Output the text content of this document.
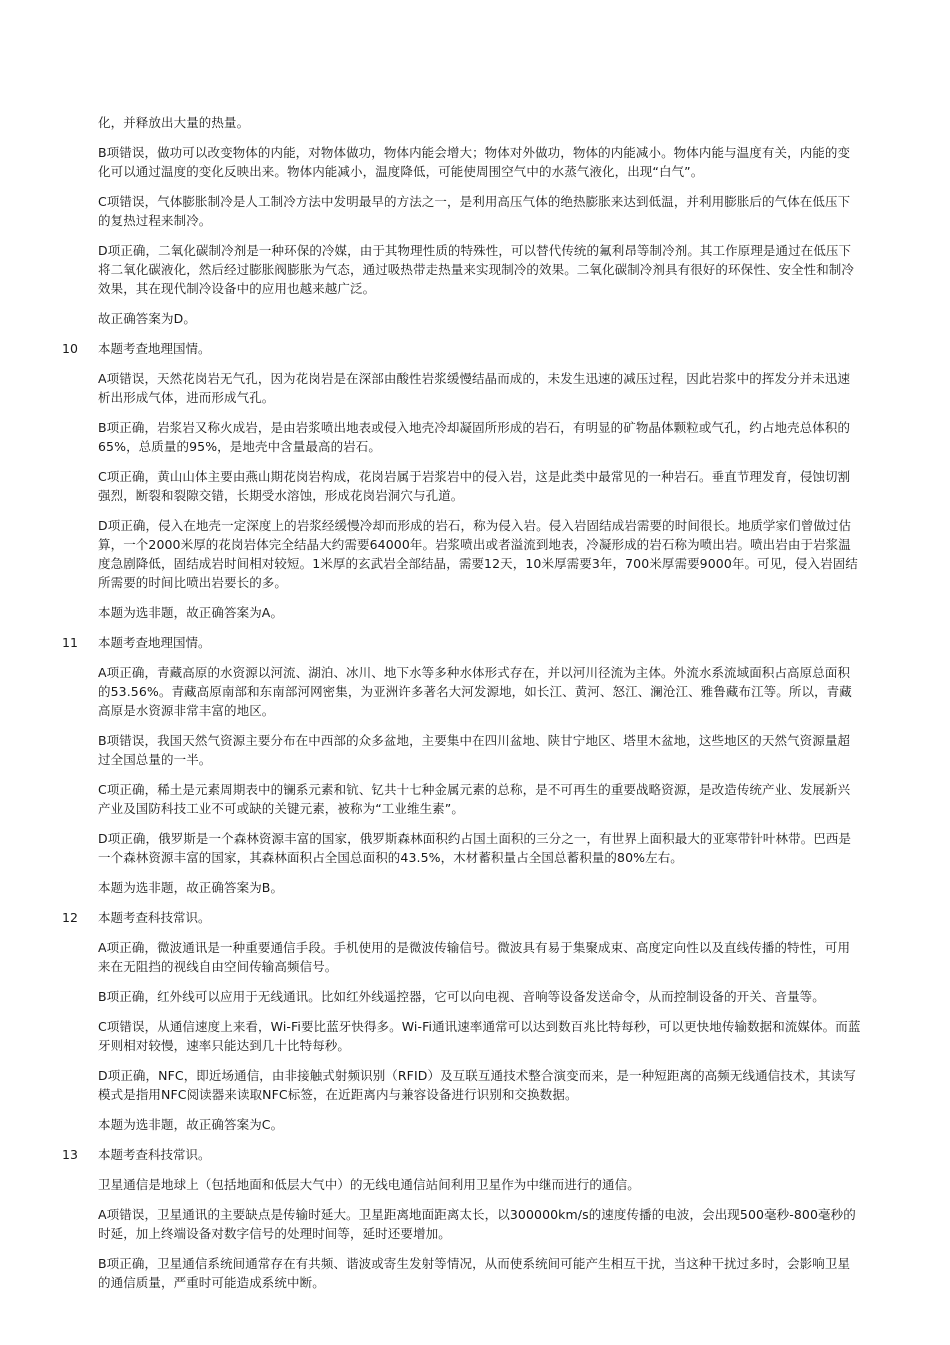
化，并释放出大量的热量。

B项错误，做功可以改变物体的内能，对物体做功，物体内能会增大；物体对外做功，物体的内能减小。物体内能与温度有关，内能的变化可以通过温度的变化反映出来。物体内能减小，温度降低，可能使周围空气中的水蒸气液化，出现“白气”。

C项错误，气体膨胀制冷是人工制冷方法中发明最早的方法之一，是利用高压气体的绝热膨胀来达到低温，并利用膨胀后的气体在低压下的复热过程来制冷。

D项正确，二氧化碳制冷剂是一种环保的冷媒，由于其物理性质的特殊性，可以替代传统的氟利昂等制冷剂。其工作原理是通过在低压下将二氧化碳液化，然后经过膨胀阀膨胀为气态，通过吸热带走热量来实现制冷的效果。二氧化碳制冷剂具有很好的环保性、安全性和制冷效果，其在现代制冷设备中的应用也越来越广泛。

故正确答案为D。

10	本题考查地理国情。

A项错误，天然花岗岩无气孔，因为花岗岩是在深部由酸性岩浆缓慢结晶而成的，未发生迅速的减压过程，因此岩浆中的挥发分并未迅速析出形成气体，进而形成气孔。

B项正确，岩浆岩又称火成岩，是由岩浆喷出地表或侵入地壳冷却凝固所形成的岩石，有明显的矿物晶体颗粒或气孔，约占地壳总体积的65%，总质量的95%，是地壳中含量最高的岩石。

C项正确，黄山山体主要由燕山期花岗岩构成，花岗岩属于岩浆岩中的侵入岩，这是此类中最常见的一种岩石。垂直节理发育，侵蚀切割强烈，断裂和裂隙交错，长期受水溶蚀，形成花岗岩洞穴与孔道。

D项正确，侵入在地壳一定深度上的岩浆经缓慢冷却而形成的岩石，称为侵入岩。侵入岩固结成岩需要的时间很长。地质学家们曾做过估算，一个2000米厚的花岗岩体完全结晶大约需要64000年。岩浆喷出或者溢流到地表，冷凝形成的岩石称为喷出岩。喷出岩由于岩浆温度急剧降低，固结成岩时间相对较短。1米厚的玄武岩全部结晶，需要12天，10米厚需要3年，700米厚需要9000年。可见，侵入岩固结所需要的时间比喷出岩要长的多。

本题为选非题，故正确答案为A。

11	本题考查地理国情。

A项正确，青藏高原的水资源以河流、湖泊、冰川、地下水等多种水体形式存在，并以河川径流为主体。外流水系流域面积占高原总面积的53.56%。青藏高原南部和东南部河网密集，为亚洲许多著名大河发源地，如长江、黄河、怒江、澜沧江、雅鲁藏布江等。所以，青藏高原是水资源非常丰富的地区。

B项错误，我国天然气资源主要分布在中西部的众多盆地，主要集中在四川盆地、陕甘宁地区、塔里木盆地，这些地区的天然气资源量超过全国总量的一半。

C项正确，稀土是元素周期表中的镧系元素和钪、钇共十七种金属元素的总称，是不可再生的重要战略资源，是改造传统产业、发展新兴产业及国防科技工业不可或缺的关键元素，被称为“工业维生素”。

D项正确，俄罗斯是一个森林资源丰富的国家，俄罗斯森林面积约占国土面积的三分之一，有世界上面积最大的亚寒带针叶林带。巴西是一个森林资源丰富的国家，其森林面积占全国总面积的43.5%，木材蓄积量占全国总蓄积量的80%左右。

本题为选非题，故正确答案为B。

12	本题考查科技常识。

A项正确，微波通讯是一种重要通信手段。手机使用的是微波传输信号。微波具有易于集聚成束、高度定向性以及直线传播的特性，可用来在无阻挡的视线自由空间传输高频信号。

B项正确，红外线可以应用于无线通讯。比如红外线遥控器，它可以向电视、音响等设备发送命令，从而控制设备的开关、音量等。

C项错误，从通信速度上来看，Wi-Fi要比蓝牙快得多。Wi-Fi通讯速率通常可以达到数百兆比特每秒，可以更快地传输数据和流媒体。而蓝牙则相对较慢，速率只能达到几十比特每秒。

D项正确，NFC，即近场通信，由非接触式射频识别（RFID）及互联互通技术整合演变而来，是一种短距离的高频无线通信技术，其读写模式是指用NFC阅读器来读取NFC标签，在近距离内与兼容设备进行识别和交换数据。

本题为选非题，故正确答案为C。

13	本题考查科技常识。

卫星通信是地球上（包括地面和低层大气中）的无线电通信站间利用卫星作为中继而进行的通信。

A项错误，卫星通讯的主要缺点是传输时延大。卫星距离地面距离太长，以300000km/s的速度传播的电波，会出现500毫秒-800毫秒的时延，加上终端设备对数字信号的处理时间等，延时还要增加。

B项正确，卫星通信系统间通常存在有共频、谐波或寄生发射等情况，从而使系统间可能产生相互干扰，当这种干扰过多时，会影响卫星的通信质量，严重时可能造成系统中断。
